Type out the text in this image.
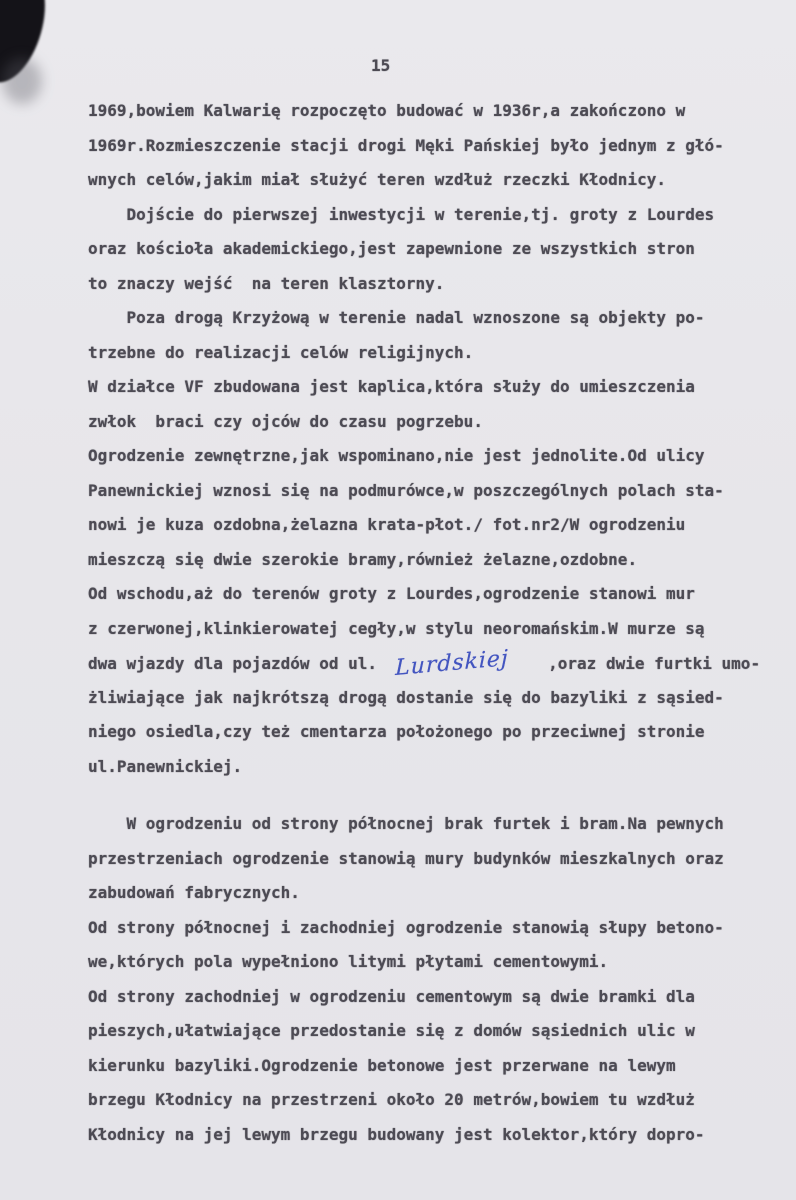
15
1969,bowiem Kalwarię rozpoczęto budować w 1936r,a zakończono w
1969r.Rozmieszczenie stacji drogi Męki Pańskiej było jednym z głó-
wnych celów,jakim miał służyć teren wzdłuż rzeczki Kłodnicy.
Dojście do pierwszej inwestycji w terenie,tj. groty z Lourdes
oraz kościoła akademickiego,jest zapewnione ze wszystkich stron
to znaczy wejść  na teren klasztorny.
Poza drogą Krzyżową w terenie nadal wznoszone są objekty po-
trzebne do realizacji celów religijnych.
W działce VF zbudowana jest kaplica,która służy do umieszczenia
zwłok  braci czy ojców do czasu pogrzebu.
Ogrodzenie zewnętrzne,jak wspominano,nie jest jednolite.Od ulicy
Panewnickiej wznosi się na podmurówce,w poszczególnych polach sta-
nowi je kuza ozdobna,żelazna krata-płot./ fot.nr2/W ogrodzeniu
mieszczą się dwie szerokie bramy,również żelazne,ozdobne.
Od wschodu,aż do terenów groty z Lourdes,ogrodzenie stanowi mur
z czerwonej,klinkierowatej cegły,w stylu neoromańskim.W murze są
dwa wjazdy dla pojazdów od ul. Lurdskiej ,oraz dwie furtki umo-
żliwiające jak najkrótszą drogą dostanie się do bazyliki z sąsied-
niego osiedla,czy też cmentarza położonego po przeciwnej stronie
ul.Panewnickiej.
W ogrodzeniu od strony północnej brak furtek i bram.Na pewnych
przestrzeniach ogrodzenie stanowią mury budynków mieszkalnych oraz
zabudowań fabrycznych.
Od strony północnej i zachodniej ogrodzenie stanowią słupy betono-
we,których pola wypełniono litymi płytami cementowymi.
Od strony zachodniej w ogrodzeniu cementowym są dwie bramki dla
pieszych,ułatwiające przedostanie się z domów sąsiednich ulic w
kierunku bazyliki.Ogrodzenie betonowe jest przerwane na lewym
brzegu Kłodnicy na przestrzeni około 20 metrów,bowiem tu wzdłuż
Kłodnicy na jej lewym brzegu budowany jest kolektor,który dopro-
